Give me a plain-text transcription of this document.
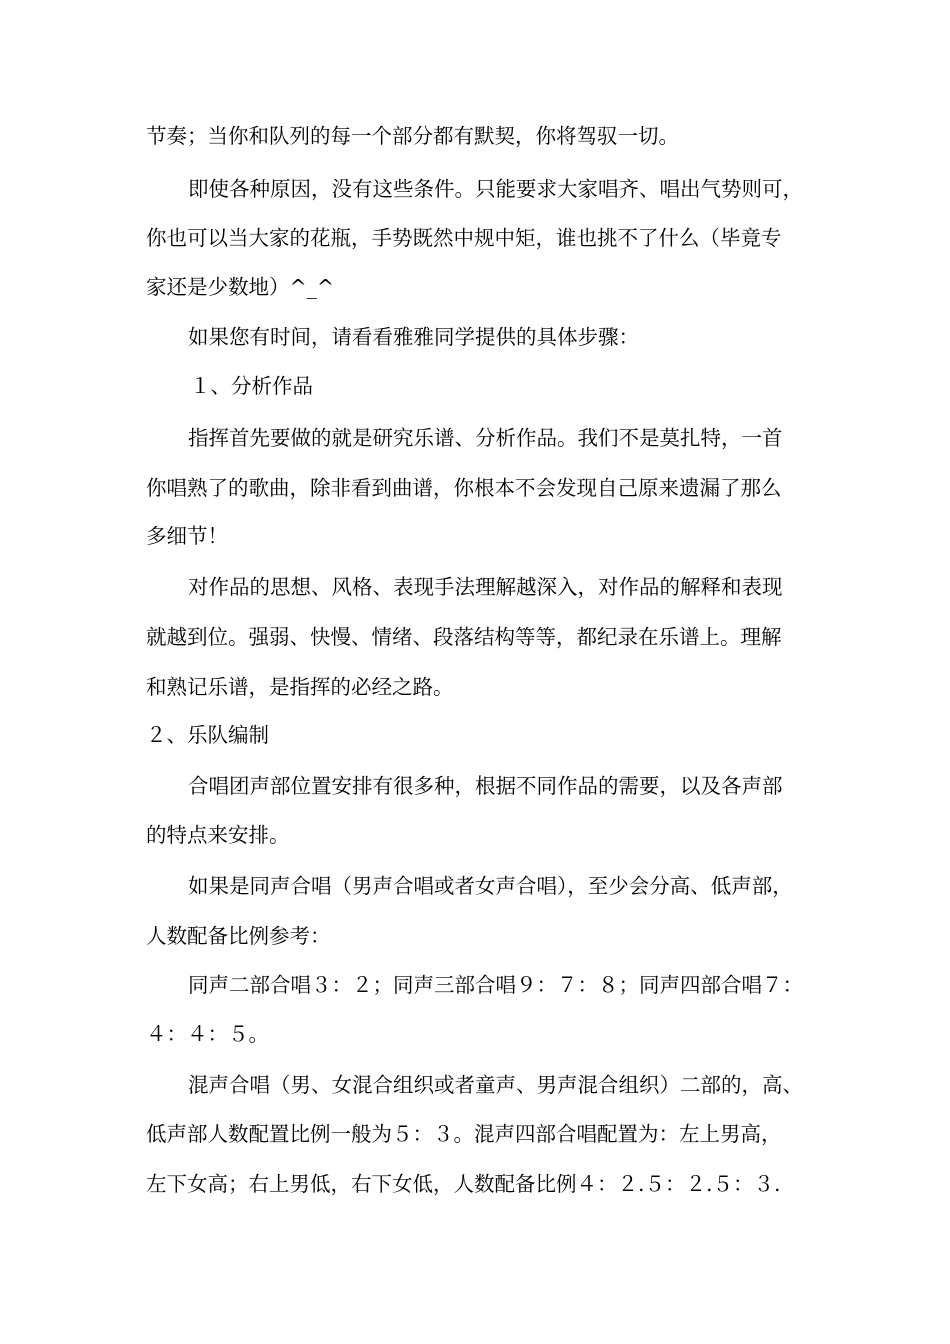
节奏；当你和队列的每一个部分都有默契，你将驾驭一切。

即使各种原因，没有这些条件。只能要求大家唱齐、唱出气势则可，

你也可以当大家的花瓶，手势既然中规中矩，谁也挑不了什么（毕竟专

家还是少数地）^_^

如果您有时间，请看看雅雅同学提供的具体步骤：

１、分析作品

指挥首先要做的就是研究乐谱、分析作品。我们不是莫扎特，一首

你唱熟了的歌曲，除非看到曲谱，你根本不会发现自己原来遗漏了那么

多细节！

对作品的思想、风格、表现手法理解越深入，对作品的解释和表现

就越到位。强弱、快慢、情绪、段落结构等等，都纪录在乐谱上。理解

和熟记乐谱，是指挥的必经之路。

２、乐队编制

合唱团声部位置安排有很多种，根据不同作品的需要，以及各声部

的特点来安排。

如果是同声合唱（男声合唱或者女声合唱），至少会分高、低声部，

人数配备比例参考：

同声二部合唱３：２；同声三部合唱９：７：８；同声四部合唱７：

４：４：５。

混声合唱（男、女混合组织或者童声、男声混合组织）二部的，高、

低声部人数配置比例一般为５：３。混声四部合唱配置为：左上男高，

左下女高；右上男低，右下女低，人数配备比例４：２.５：２.５：３.
